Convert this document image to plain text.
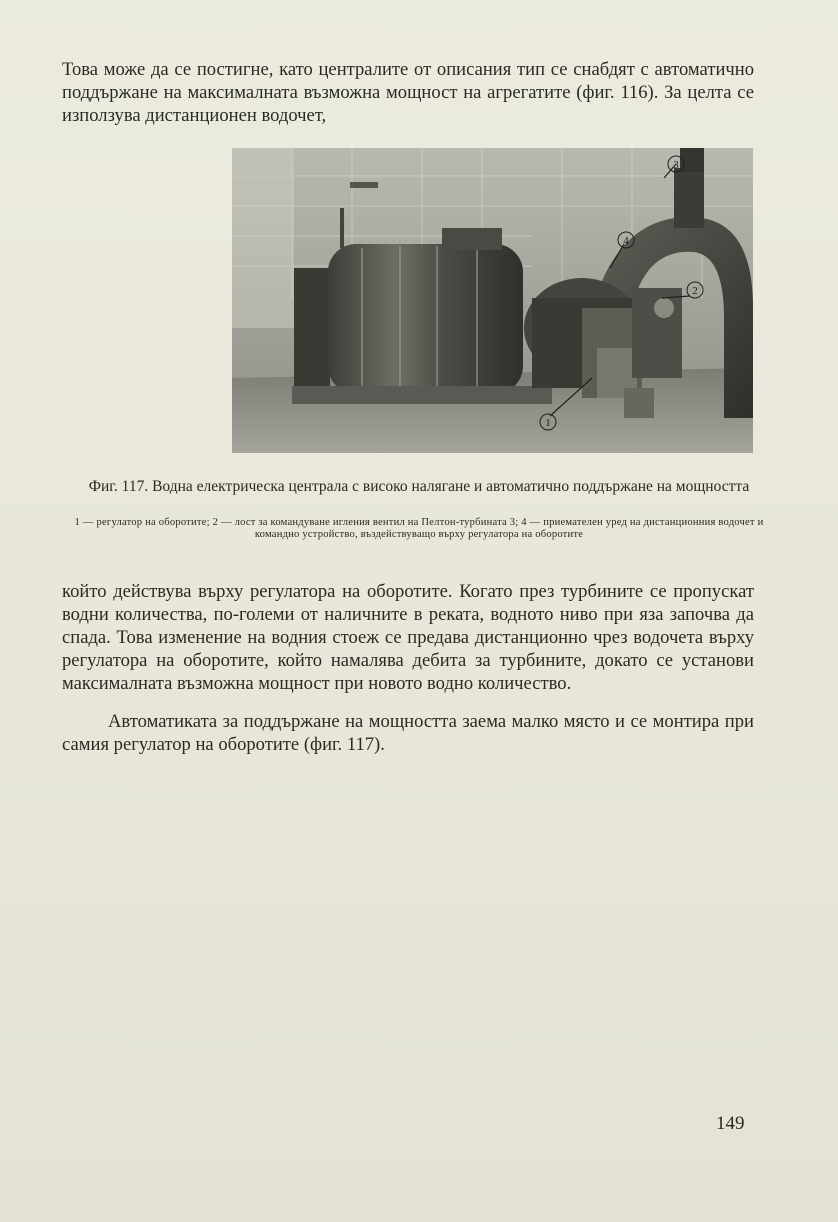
Това може да се постигне, като централите от описания тип се снабдят с автоматично поддържане на максималната възможна мощност на агрегатите (фиг. 116). За целта се използува дистанционен водочет,

1
2
3
4

Фиг. 117. Водна електрическа централа с високо налягане и автоматично поддържане на мощността

1 — регулатор на оборотите; 2 — лост за командуване игления вентил на Пелтон-турбината 3; 4 — приемателен уред на дистанционния водочет и командно устройство, въздействуващо върху регулатора на оборотите

който действува върху регулатора на оборотите. Когато през турбините се пропускат водни количества, по-големи от наличните в реката, водното ниво при яза започва да спада. Това изменение на водния стоеж се предава дистанционно чрез водочета върху регулатора на оборотите, който намалява дебита за турбините, докато се установи максималната възможна мощност при новото водно количество.

Автоматиката за поддържане на мощността заема малко място и се монтира при самия регулатор на оборотите (фиг. 117).

149
